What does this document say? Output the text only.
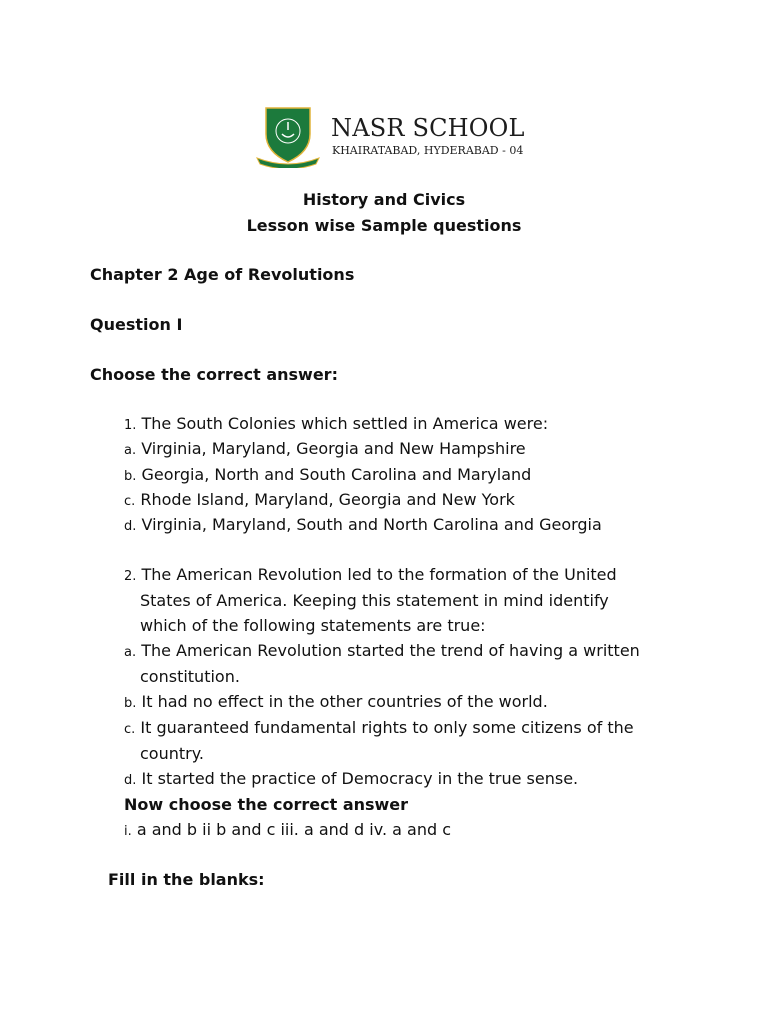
NASR SCHOOL
KHAIRATABAD, HYDERABAD - 04
History and Civics
Lesson wise Sample questions
Chapter 2 Age of Revolutions
Question I
Choose the correct answer:
1. The South Colonies which settled in America were:
a. Virginia, Maryland, Georgia and New Hampshire
b. Georgia, North and South Carolina and Maryland
c. Rhode Island, Maryland, Georgia and New York
d. Virginia, Maryland, South and North Carolina and Georgia
2. The American Revolution led to the formation of the United
States of America. Keeping this statement in mind identify
which of the following statements are true:
a. The American Revolution started the trend of having a written
constitution.
b. It had no effect in the other countries of the world.
c. It guaranteed fundamental rights to only some citizens of the
country.
d. It started the practice of Democracy in the true sense.
Now choose the correct answer
i. a and b ii b and c iii. a and d iv. a and c
Fill in the blanks:
